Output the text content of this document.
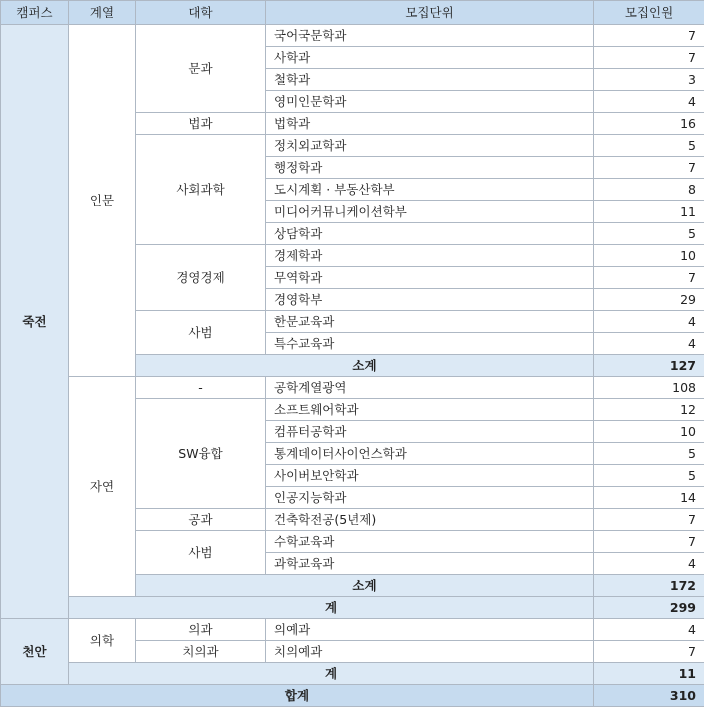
캠퍼스	계열	대학	모집단위	모집인원
죽전	인문	문과	국어국문학과	7
			사학과	7
			철학과	3
			영미인문학과	4
		법과	법학과	16
		사회과학	정치외교학과	5
			행정학과	7
			도시계획 · 부동산학부	8
			미디어커뮤니케이션학부	11
			상담학과	5
		경영경제	경제학과	10
			무역학과	7
			경영학부	29
		사범	한문교육과	4
			특수교육과	4
		소계		127
	자연	-	공학계열광역	108
		SW융합	소프트웨어학과	12
			컴퓨터공학과	10
			통계데이터사이언스학과	5
			사이버보안학과	5
			인공지능학과	14
		공과	건축학전공(5년제)	7
		사범	수학교육과	7
			과학교육과	4
		소계		172
	계			299
천안	의학	의과	의예과	4
		치의과	치의예과	7
	계			11
합계				310
